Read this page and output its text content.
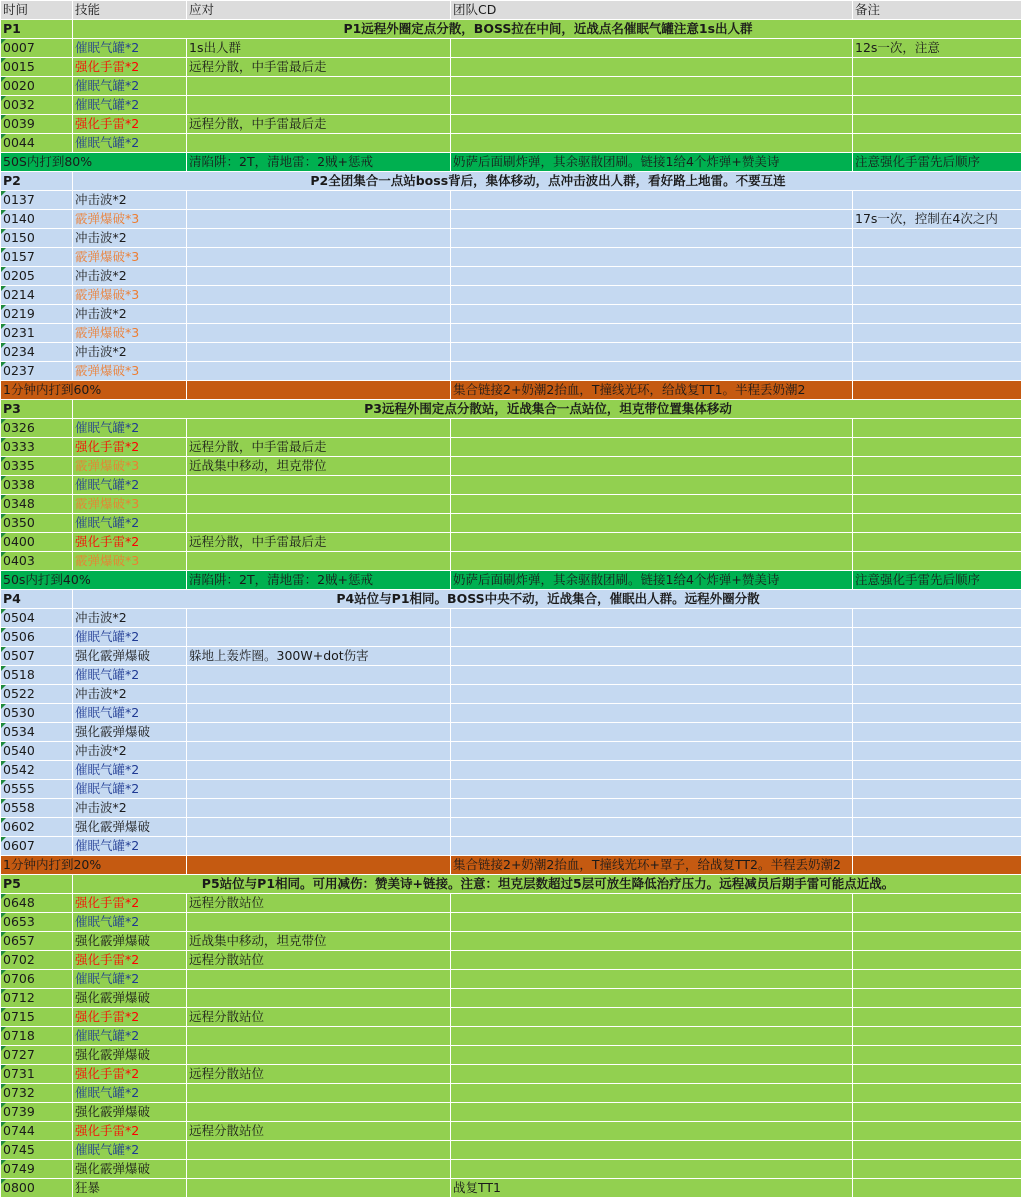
时间	技能	应对	团队CD	备注
P1	P1远程外圈定点分散，BOSS拉在中间，近战点名催眠气罐注意1s出人群			
0007	催眠气罐*2	1s出人群		12s一次，注意
0015	强化手雷*2	远程分散，中手雷最后走		
0020	催眠气罐*2			
0032	催眠气罐*2			
0039	强化手雷*2	远程分散，中手雷最后走		
0044	催眠气罐*2			
50S内打到80%		清陷阱：2T，清地雷：2贼+惩戒	奶萨后面刷炸弹，其余驱散团刷。链接1给4个炸弹+赞美诗	注意强化手雷先后顺序
P2	P2全团集合一点站boss背后，集体移动，点冲击波出人群，看好路上地雷。不要互连			
0137	冲击波*2			
0140	霰弹爆破*3			17s一次，控制在4次之内
0150	冲击波*2			
0157	霰弹爆破*3			
0205	冲击波*2			
0214	霰弹爆破*3			
0219	冲击波*2			
0231	霰弹爆破*3			
0234	冲击波*2			
0237	霰弹爆破*3			
1分钟内打到60%			集合链接2+奶潮2抬血，T撞线光环，给战复TT1。半程丢奶潮2	
P3	P3远程外围定点分散站，近战集合一点站位，坦克带位置集体移动			
0326	催眠气罐*2			
0333	强化手雷*2	远程分散，中手雷最后走		
0335	霰弹爆破*3	近战集中移动，坦克带位		
0338	催眠气罐*2			
0348	霰弹爆破*3			
0350	催眠气罐*2			
0400	强化手雷*2	远程分散，中手雷最后走		
0403	霰弹爆破*3			
50s内打到40%		清陷阱：2T，清地雷：2贼+惩戒	奶萨后面刷炸弹，其余驱散团刷。链接1给4个炸弹+赞美诗	注意强化手雷先后顺序
P4	P4站位与P1相同。BOSS中央不动，近战集合，催眠出人群。远程外圈分散			
0504	冲击波*2			
0506	催眠气罐*2			
0507	强化霰弹爆破	躲地上轰炸圈。300W+dot伤害		
0518	催眠气罐*2			
0522	冲击波*2			
0530	催眠气罐*2			
0534	强化霰弹爆破			
0540	冲击波*2			
0542	催眠气罐*2			
0555	催眠气罐*2			
0558	冲击波*2			
0602	强化霰弹爆破			
0607	催眠气罐*2			
1分钟内打到20%			集合链接2+奶潮2抬血，T撞线光环+罩子，给战复TT2。半程丢奶潮2	
P5	P5站位与P1相同。可用减伤：赞美诗+链接。注意：坦克层数超过5层可放生降低治疗压力。远程减员后期手雷可能点近战。			
0648	强化手雷*2	远程分散站位		
0653	催眠气罐*2			
0657	强化霰弹爆破	近战集中移动，坦克带位		
0702	强化手雷*2	远程分散站位		
0706	催眠气罐*2			
0712	强化霰弹爆破			
0715	强化手雷*2	远程分散站位		
0718	催眠气罐*2			
0727	强化霰弹爆破			
0731	强化手雷*2	远程分散站位		
0732	催眠气罐*2			
0739	强化霰弹爆破			
0744	强化手雷*2	远程分散站位		
0745	催眠气罐*2			
0749	强化霰弹爆破			
0800	狂暴		战复TT1	
